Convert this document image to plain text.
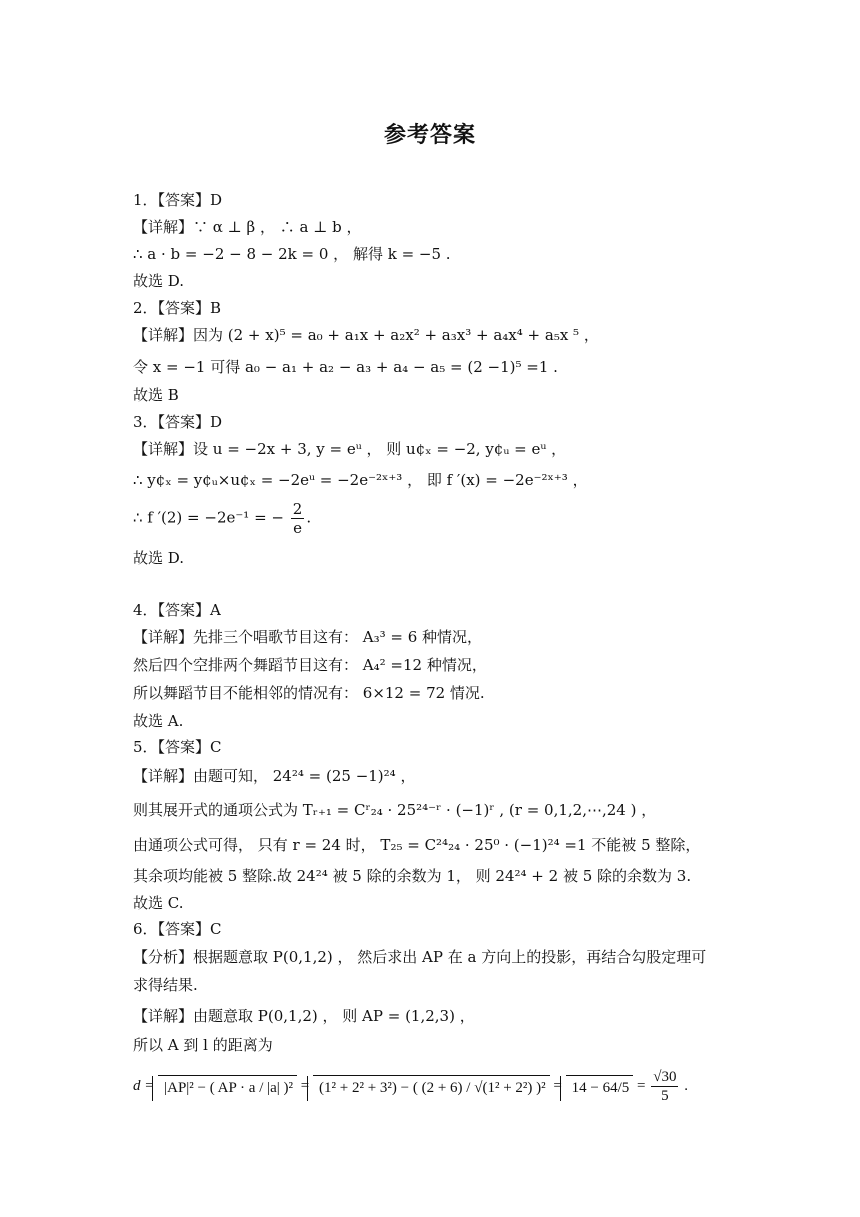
参考答案
1．【答案】D
【详解】∵ α ⊥ β ， ∴ a ⊥ b ，
∴ a · b = −2 − 8 − 2k = 0 ， 解得 k = −5 .
故选 D.
2．【答案】B
【详解】因为 (2 + x)⁵ = a₀ + a₁x + a₂x² + a₃x³ + a₄x⁴ + a₅x ⁵ ，
令 x = −1 可得 a₀ − a₁ + a₂ − a₃ + a₄ − a₅ = (2 −1)⁵ =1 .
故选 B
3．【答案】D
【详解】设 u = −2x + 3, y = eᵘ ， 则 u¢ₓ = −2, y¢ᵤ = eᵘ ，
∴ y¢ₓ = y¢ᵤ×u¢ₓ = −2eᵘ = −2e⁻²ˣ⁺³ ， 即 f ′(x) = −2e⁻²ˣ⁺³ ，
∴ f ′(2) = −2e⁻¹ = − $\frac{2}{e}$ .
故选 D.
4．【答案】A
【详解】先排三个唱歌节目这有： A₃³ = 6 种情况，
然后四个空排两个舞蹈节目这有： A₄² =12 种情况，
所以舞蹈节目不能相邻的情况有： 6×12 = 72 情况.
故选 A.
5．【答案】C
【详解】由题可知， 24²⁴ = (25 −1)²⁴ ，
则其展开式的通项公式为 Tᵣ₊₁ = Cʳ₂₄ · 25²⁴⁻ʳ · (−1)ʳ , (r = 0,1,2,⋯,24 ) ，
由通项公式可得， 只有 r = 24 时， T₂₅ = C²⁴₂₄ · 25⁰ · (−1)²⁴ =1 不能被 5 整除，
其余项均能被 5 整除.故 24²⁴ 被 5 除的余数为 1， 则 24²⁴ + 2 被 5 除的余数为 3.
故选 C.
6．【答案】C
【分析】根据题意取 P(0,1,2) ， 然后求出 AP 在 a 方向上的投影，再结合勾股定理可
求得结果.
【详解】由题意取 P(0,1,2) ， 则 AP = (1,2,3) ，
所以 A 到 l 的距离为
d = |AP|² − ( AP · a / |a| )² = (1² + 2² + 3²) − ( (2 + 6) / √(1² + 2²) )$^2 = 14 - 64/5 = \frac{√30}{5}$ .
